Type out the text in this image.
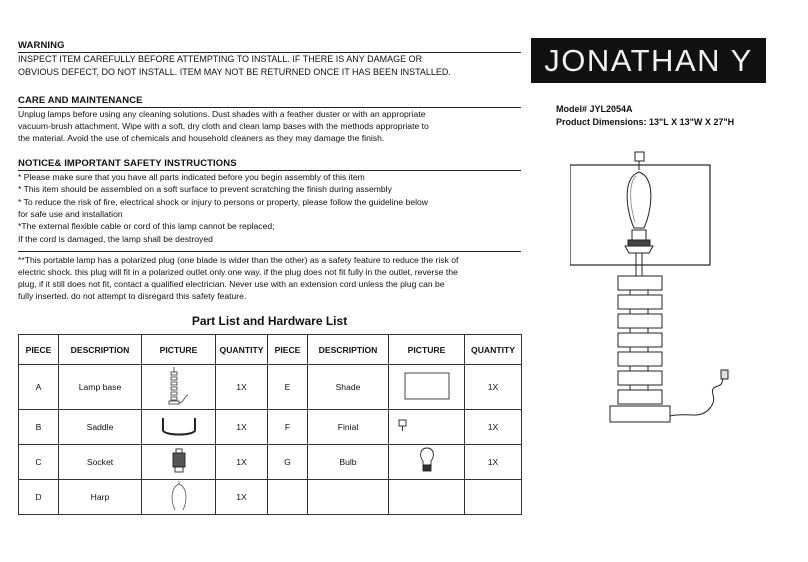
WARNING
INSPECT ITEM CAREFULLY BEFORE ATTEMPTING TO INSTALL. IF THERE IS ANY DAMAGE OR
OBVIOUS DEFECT, DO NOT INSTALL. ITEM MAY NOT BE RETURNED ONCE IT HAS BEEN INSTALLED.
CARE AND MAINTENANCE
Unplug lamps before using any cleaning solutions. Dust shades with a feather duster or with an appropriate
vacuum-brush attachment. Wipe with a soft, dry cloth and clean lamp bases with the methods appropriate to
the material. Avoid the use of chemicals and household cleaners as they may damage the finish.
NOTICE& IMPORTANT SAFETY INSTRUCTIONS
* Please make sure that you have all parts indicated before you begin assembly of this item
* This item should be assembled on a soft surface to prevent scratching the finish during assembly
* To reduce the risk of fire, electrical shock or injury to persons or property, please follow the guideline below
for safe use and installation
*The external flexible cable or cord of this lamp cannot be replaced;
If the cord is damaged, the lamp shall be destroyed
**This portable lamp has a polarized plug (one blade is wider than the other) as a safety feature to reduce the risk of
electric shock. this plug will fit in a polarized outlet only one way. if the plug does not fit fully in the outlet, reverse the
plug, if it still does not fit, contact a qualified electrician. Never use with an extension cord unless the plug can be
fully inserted. do not attempt to disregard this safety feature.
JONATHAN Y
Model# JYL2054A
Product Dimensions: 13"L X 13"W X 27"H
Part List and Hardware List
PIECE	DESCRIPTION	PICTURE	QUANTITY	PIECE	DESCRIPTION	PICTURE	QUANTITY
A	Lamp base		1X	E	Shade		1X
B	Saddle		1X	F	Finial		1X
C	Socket		1X	G	Bulb		1X
D	Harp		1X				
